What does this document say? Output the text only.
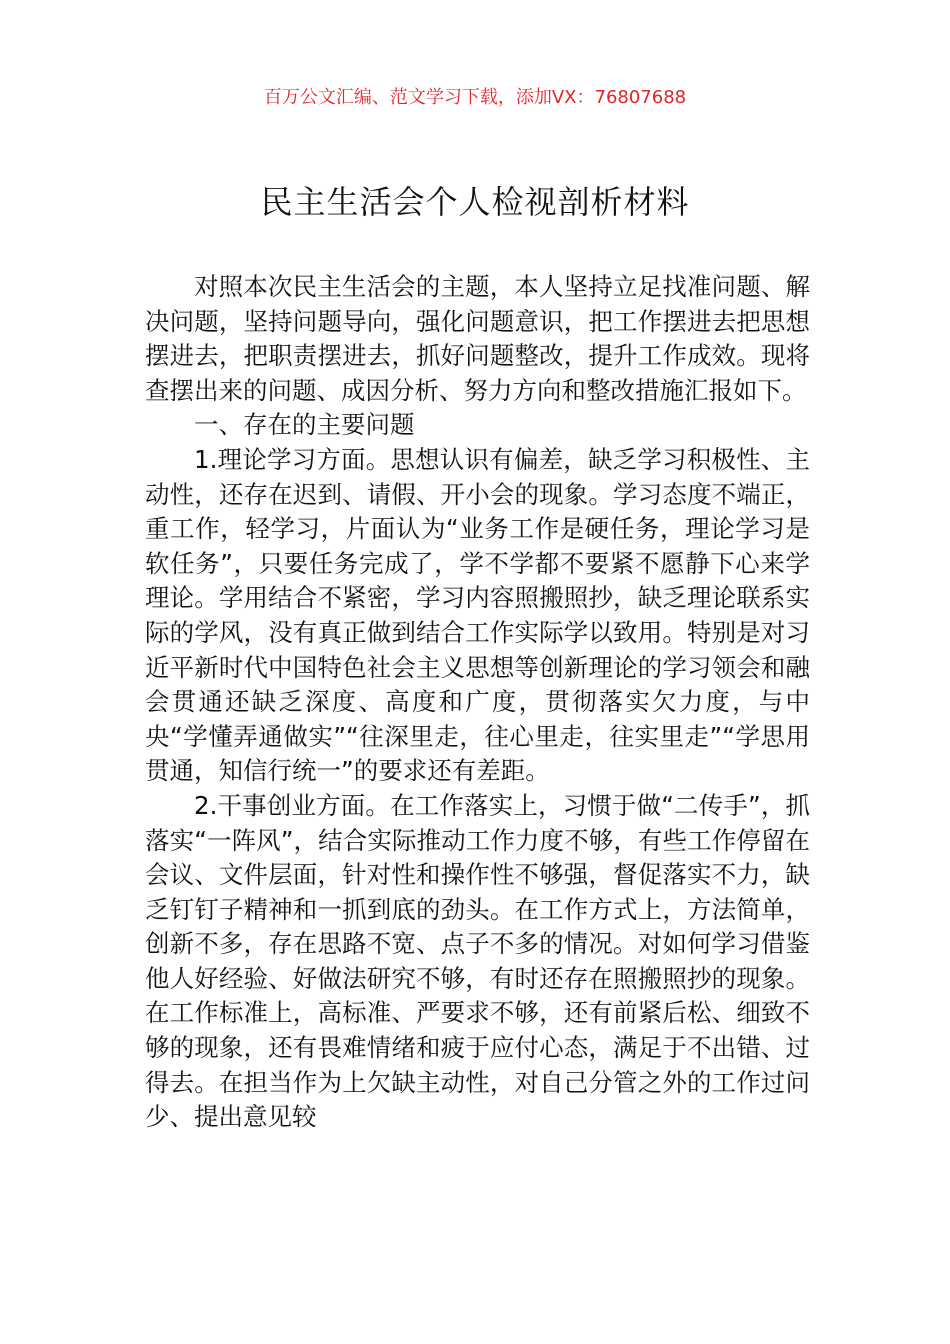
百万公文汇编、范文学习下载，添加VX：76807688
民主生活会个人检视剖析材料

对照本次民主生活会的主题，本人坚持立足找准问题、解决问题，坚持问题导向，强化问题意识，把工作摆进去把思想摆进去，把职责摆进去，抓好问题整改，提升工作成效。现将查摆出来的问题、成因分析、努力方向和整改措施汇报如下。

一、存在的主要问题

1.理论学习方面。思想认识有偏差，缺乏学习积极性、主动性，还存在迟到、请假、开小会的现象。学习态度不端正，重工作，轻学习，片面认为“业务工作是硬任务，理论学习是软任务”，只要任务完成了，学不学都不要紧不愿静下心来学理论。学用结合不紧密，学习内容照搬照抄，缺乏理论联系实际的学风，没有真正做到结合工作实际学以致用。特别是对习近平新时代中国特色社会主义思想等创新理论的学习领会和融会贯通还缺乏深度、高度和广度，贯彻落实欠力度，与中央“学懂弄通做实”“往深里走，往心里走，往实里走”“学思用贯通，知信行统一”的要求还有差距。

2.干事创业方面。在工作落实上，习惯于做“二传手”，抓落实“一阵风”，结合实际推动工作力度不够，有些工作停留在会议、文件层面，针对性和操作性不够强，督促落实不力，缺乏钉钉子精神和一抓到底的劲头。在工作方式上，方法简单，创新不多，存在思路不宽、点子不多的情况。对如何学习借鉴他人好经验、好做法研究不够，有时还存在照搬照抄的现象。在工作标准上，高标准、严要求不够，还有前紧后松、细致不够的现象，还有畏难情绪和疲于应付心态，满足于不出错、过得去。在担当作为上欠缺主动性，对自己分管之外的工作过问少、提出意见较
